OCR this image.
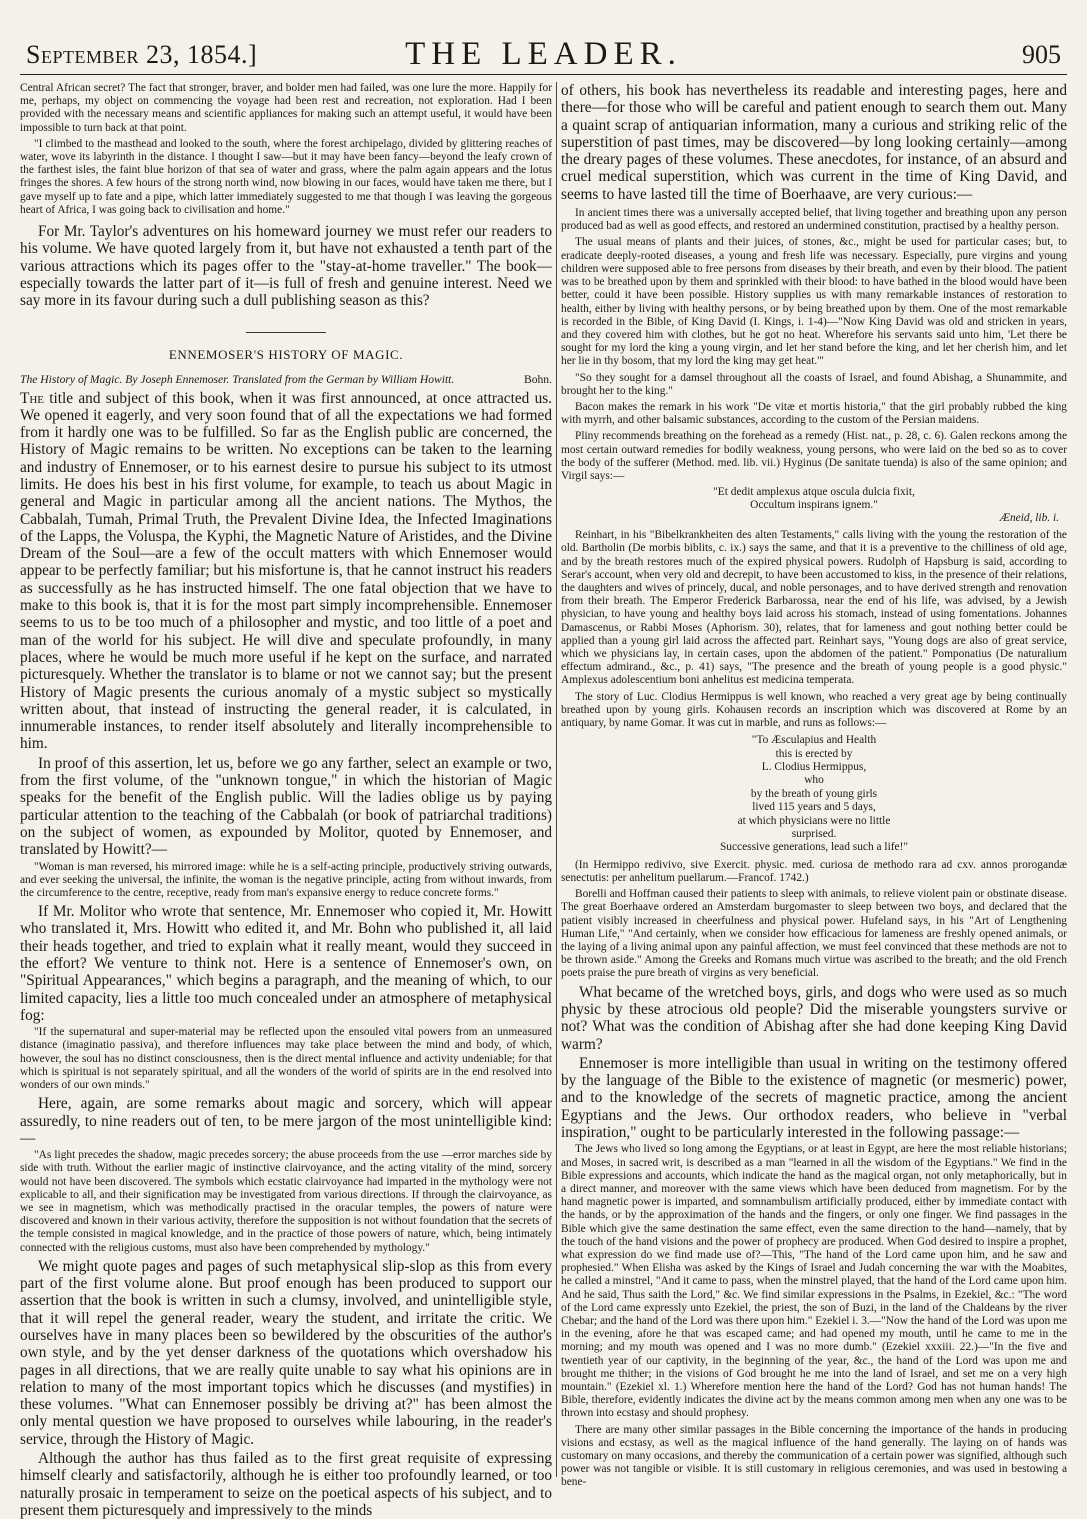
September 23, 1854.]	THE LEADER.	905

Central African secret? The fact that stronger, braver, and bolder men had failed, was one lure the more. Happily for me, perhaps, my object on commencing the voyage had been rest and recreation, not exploration. Had I been provided with the necessary means and scientific appliances for making such an attempt useful, it would have been impossible to turn back at that point.

"I climbed to the masthead and looked to the south, where the forest archipelago, divided by glittering reaches of water, wove its labyrinth in the distance. I thought I saw—but it may have been fancy—beyond the leafy crown of the farthest isles, the faint blue horizon of that sea of water and grass, where the palm again appears and the lotus fringes the shores. A few hours of the strong north wind, now blowing in our faces, would have taken me there, but I gave myself up to fate and a pipe, which latter immediately suggested to me that though I was leaving the gorgeous heart of Africa, I was going back to civilisation and home."

For Mr. Taylor's adventures on his homeward journey we must refer our readers to his volume. We have quoted largely from it, but have not exhausted a tenth part of the various attractions which its pages offer to the "stay-at-home traveller." The book—especially towards the latter part of it—is full of fresh and genuine interest. Need we say more in its favour during such a dull publishing season as this?

ENNEMOSER'S HISTORY OF MAGIC.
The History of Magic. By Joseph Ennemoser. Translated from the German by William Howitt.	Bohn.

The title and subject of this book, when it was first announced, at once attracted us. We opened it eagerly, and very soon found that of all the expectations we had formed from it hardly one was to be fulfilled. So far as the English public are concerned, the History of Magic remains to be written. No exceptions can be taken to the learning and industry of Ennemoser, or to his earnest desire to pursue his subject to its utmost limits. He does his best in his first volume, for example, to teach us about Magic in general and Magic in particular among all the ancient nations. The Mythos, the Cabbalah, Tumah, Primal Truth, the Prevalent Divine Idea, the Infected Imaginations of the Lapps, the Voluspa, the Kyphi, the Magnetic Nature of Aristides, and the Divine Dream of the Soul—are a few of the occult matters with which Ennemoser would appear to be perfectly familiar; but his misfortune is, that he cannot instruct his readers as successfully as he has instructed himself. The one fatal objection that we have to make to this book is, that it is for the most part simply incomprehensible. Ennemoser seems to us to be too much of a philosopher and mystic, and too little of a poet and man of the world for his subject. He will dive and speculate profoundly, in many places, where he would be much more useful if he kept on the surface, and narrated picturesquely. Whether the translator is to blame or not we cannot say; but the present History of Magic presents the curious anomaly of a mystic subject so mystically written about, that instead of instructing the general reader, it is calculated, in innumerable instances, to render itself absolutely and literally incomprehensible to him.

In proof of this assertion, let us, before we go any farther, select an example or two, from the first volume, of the "unknown tongue," in which the historian of Magic speaks for the benefit of the English public. Will the ladies oblige us by paying particular attention to the teaching of the Cabbalah (or book of patriarchal traditions) on the subject of women, as expounded by Molitor, quoted by Ennemoser, and translated by Howitt?—

"Woman is man reversed, his mirrored image: while he is a self-acting principle, productively striving outwards, and ever seeking the universal, the infinite, the woman is the negative principle, acting from without inwards, from the circumference to the centre, receptive, ready from man's expansive energy to reduce concrete forms."

If Mr. Molitor who wrote that sentence, Mr. Ennemoser who copied it, Mr. Howitt who translated it, Mrs. Howitt who edited it, and Mr. Bohn who published it, all laid their heads together, and tried to explain what it really meant, would they succeed in the effort? We venture to think not. Here is a sentence of Ennemoser's own, on "Spiritual Appearances," which begins a paragraph, and the meaning of which, to our limited capacity, lies a little too much concealed under an atmosphere of metaphysical fog:

"If the supernatural and super-material may be reflected upon the ensouled vital powers from an unmeasured distance (imaginatio passiva), and therefore influences may take place between the mind and body, of which, however, the soul has no distinct consciousness, then is the direct mental influence and activity undeniable; for that which is spiritual is not separately spiritual, and all the wonders of the world of spirits are in the end resolved into wonders of our own minds."

Here, again, are some remarks about magic and sorcery, which will appear assuredly, to nine readers out of ten, to be mere jargon of the most unintelligible kind:—

"As light precedes the shadow, magic precedes sorcery; the abuse proceeds from the use —error marches side by side with truth. Without the earlier magic of instinctive clairvoyance, and the acting vitality of the mind, sorcery would not have been discovered. The symbols which ecstatic clairvoyance had imparted in the mythology were not explicable to all, and their signification may be investigated from various directions. If through the clairvoyance, as we see in magnetism, which was methodically practised in the oracular temples, the powers of nature were discovered and known in their various activity, therefore the supposition is not without foundation that the secrets of the temple consisted in magical knowledge, and in the practice of those powers of nature, which, being intimately connected with the religious customs, must also have been comprehended by mythology."

We might quote pages and pages of such metaphysical slip-slop as this from every part of the first volume alone. But proof enough has been produced to support our assertion that the book is written in such a clumsy, involved, and unintelligible style, that it will repel the general reader, weary the student, and irritate the critic. We ourselves have in many places been so bewildered by the obscurities of the author's own style, and by the yet denser darkness of the quotations which overshadow his pages in all directions, that we are really quite unable to say what his opinions are in relation to many of the most important topics which he discusses (and mystifies) in these volumes. "What can Ennemoser possibly be driving at?" has been almost the only mental question we have proposed to ourselves while labouring, in the reader's service, through the History of Magic.

Although the author has thus failed as to the first great requisite of expressing himself clearly and satisfactorily, although he is either too profoundly learned, or too naturally prosaic in temperament to seize on the poetical aspects of his subject, and to present them picturesquely and impressively to the minds

of others, his book has nevertheless its readable and interesting pages, here and there—for those who will be careful and patient enough to search them out. Many a quaint scrap of antiquarian information, many a curious and striking relic of the superstition of past times, may be discovered—by long looking certainly—among the dreary pages of these volumes. These anecdotes, for instance, of an absurd and cruel medical superstition, which was current in the time of King David, and seems to have lasted till the time of Boerhaave, are very curious:—

In ancient times there was a universally accepted belief, that living together and breathing upon any person produced bad as well as good effects, and restored an undermined constitution, practised by a healthy person.

The usual means of plants and their juices, of stones, &c., might be used for particular cases; but, to eradicate deeply-rooted diseases, a young and fresh life was necessary. Especially, pure virgins and young children were supposed able to free persons from diseases by their breath, and even by their blood. The patient was to be breathed upon by them and sprinkled with their blood: to have bathed in the blood would have been better, could it have been possible. History supplies us with many remarkable instances of restoration to health, either by living with healthy persons, or by being breathed upon by them. One of the most remarkable is recorded in the Bible, of King David (I. Kings, i. 1-4)—"Now King David was old and stricken in years, and they covered him with clothes, but he got no heat. Wherefore his servants said unto him, 'Let there be sought for my lord the king a young virgin, and let her stand before the king, and let her cherish him, and let her lie in thy bosom, that my lord the king may get heat.'"

"So they sought for a damsel throughout all the coasts of Israel, and found Abishag, a Shunammite, and brought her to the king."

Bacon makes the remark in his work "De vitæ et mortis historia," that the girl probably rubbed the king with myrrh, and other balsamic substances, according to the custom of the Persian maidens.

Pliny recommends breathing on the forehead as a remedy (Hist. nat., p. 28, c. 6). Galen reckons among the most certain outward remedies for bodily weakness, young persons, who were laid on the bed so as to cover the body of the sufferer (Method. med. lib. vii.) Hyginus (De sanitate tuenda) is also of the same opinion; and Virgil says:—

"Et dedit amplexus atque oscula dulcia fixit,
Occultum inspirans ignem."
Æneid, lib. i.

Reinhart, in his "Bibelkrankheiten des alten Testaments," calls living with the young the restoration of the old. Bartholin (De morbis biblits, c. ix.) says the same, and that it is a preventive to the chilliness of old age, and by the breath restores much of the expired physical powers. Rudolph of Hapsburg is said, according to Serar's account, when very old and decrepit, to have been accustomed to kiss, in the presence of their relations, the daughters and wives of princely, ducal, and noble personages, and to have derived strength and renovation from their breath. The Emperor Frederick Barbarossa, near the end of his life, was advised, by a Jewish physician, to have young and healthy boys laid across his stomach, instead of using fomentations. Johannes Damascenus, or Rabbi Moses (Aphorism. 30), relates, that for lameness and gout nothing better could be applied than a young girl laid across the affected part. Reinhart says, "Young dogs are also of great service, which we physicians lay, in certain cases, upon the abdomen of the patient." Pomponatius (De naturalium effectum admirand., &c., p. 41) says, "The presence and the breath of young people is a good physic." Amplexus adolescentium boni anhelitus est medicina temperata.

The story of Luc. Clodius Hermippus is well known, who reached a very great age by being continually breathed upon by young girls. Kohausen records an inscription which was discovered at Rome by an antiquary, by name Gomar. It was cut in marble, and runs as follows:—

"To Æsculapius and Health
this is erected by
L. Clodius Hermippus,
who
by the breath of young girls
lived 115 years and 5 days,
at which physicians were no little
surprised.
Successive generations, lead such a life!"

(In Hermippo redivivo, sive Exercit. physic. med. curiosa de methodo rara ad cxv. annos prorogandæ senectutis: per anhelitum puellarum.—Francof. 1742.)

Borelli and Hoffman caused their patients to sleep with animals, to relieve violent pain or obstinate disease. The great Boerhaave ordered an Amsterdam burgomaster to sleep between two boys, and declared that the patient visibly increased in cheerfulness and physical power. Hufeland says, in his "Art of Lengthening Human Life," "And certainly, when we consider how efficacious for lameness are freshly opened animals, or the laying of a living animal upon any painful affection, we must feel convinced that these methods are not to be thrown aside." Among the Greeks and Romans much virtue was ascribed to the breath; and the old French poets praise the pure breath of virgins as very beneficial.

What became of the wretched boys, girls, and dogs who were used as so much physic by these atrocious old people? Did the miserable youngsters survive or not? What was the condition of Abishag after she had done keeping King David warm?

Ennemoser is more intelligible than usual in writing on the testimony offered by the language of the Bible to the existence of magnetic (or mesmeric) power, and to the knowledge of the secrets of magnetic practice, among the ancient Egyptians and the Jews. Our orthodox readers, who believe in "verbal inspiration," ought to be particularly interested in the following passage:—

The Jews who lived so long among the Egyptians, or at least in Egypt, are here the most reliable historians; and Moses, in sacred writ, is described as a man "learned in all the wisdom of the Egyptians." We find in the Bible expressions and accounts, which indicate the hand as the magical organ, not only metaphorically, but in a direct manner, and moreover with the same views which have been deduced from magnetism. For by the hand magnetic power is imparted, and somnambulism artificially produced, either by immediate contact with the hands, or by the approximation of the hands and the fingers, or only one finger. We find passages in the Bible which give the same destination the same effect, even the same direction to the hand—namely, that by the touch of the hand visions and the power of prophecy are produced. When God desired to inspire a prophet, what expression do we find made use of?—This, "The hand of the Lord came upon him, and he saw and prophesied." When Elisha was asked by the Kings of Israel and Judah concerning the war with the Moabites, he called a minstrel, "And it came to pass, when the minstrel played, that the hand of the Lord came upon him. And he said, Thus saith the Lord," &c. We find similar expressions in the Psalms, in Ezekiel, &c.: "The word of the Lord came expressly unto Ezekiel, the priest, the son of Buzi, in the land of the Chaldeans by the river Chebar; and the hand of the Lord was there upon him." Ezekiel i. 3.—"Now the hand of the Lord was upon me in the evening, afore he that was escaped came; and had opened my mouth, until he came to me in the morning; and my mouth was opened and I was no more dumb." (Ezekiel xxxiii. 22.)—"In the five and twentieth year of our captivity, in the beginning of the year, &c., the hand of the Lord was upon me and brought me thither; in the visions of God brought he me into the land of Israel, and set me on a very high mountain." (Ezekiel xl. 1.) Wherefore mention here the hand of the Lord? God has not human hands! The Bible, therefore, evidently indicates the divine act by the means common among men when any one was to be thrown into ecstasy and should prophesy.

There are many other similar passages in the Bible concerning the importance of the hands in producing visions and ecstasy, as well as the magical influence of the hand generally. The laying on of hands was customary on many occasions, and thereby the communication of a certain power was signified, although such power was not tangible or visible. It is still customary in religious ceremonies, and was used in bestowing a bene-
